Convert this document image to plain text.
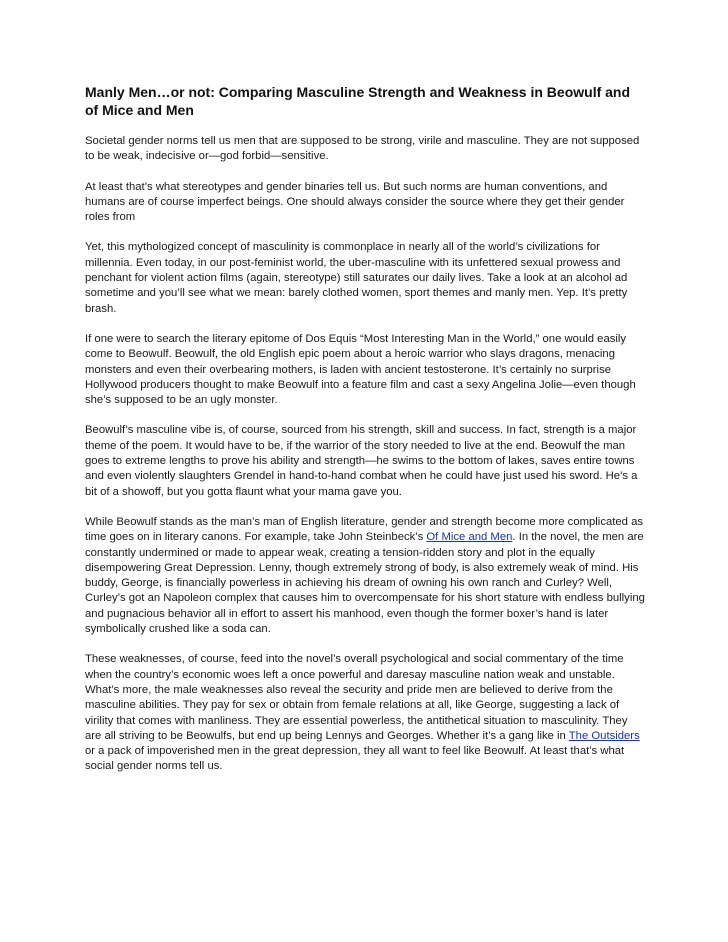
Manly Men…or not: Comparing Masculine Strength and Weakness in Beowulf and of Mice and Men

Societal gender norms tell us men that are supposed to be strong, virile and masculine. They are not supposed to be weak, indecisive or—god forbid—sensitive.

At least that’s what stereotypes and gender binaries tell us. But such norms are human conventions, and humans are of course imperfect beings. One should always consider the source where they get their gender roles from

Yet, this mythologized concept of masculinity is commonplace in nearly all of the world’s civilizations for millennia. Even today, in our post-feminist world, the uber-masculine with its unfettered sexual prowess and penchant for violent action films (again, stereotype) still saturates our daily lives. Take a look at an alcohol ad sometime and you’ll see what we mean: barely clothed women, sport themes and manly men. Yep. It’s pretty brash.

If one were to search the literary epitome of Dos Equis “Most Interesting Man in the World,” one would easily come to Beowulf. Beowulf, the old English epic poem about a heroic warrior who slays dragons, menacing monsters and even their overbearing mothers, is laden with ancient testosterone. It’s certainly no surprise Hollywood producers thought to make Beowulf into a feature film and cast a sexy Angelina Jolie—even though she’s supposed to be an ugly monster.

Beowulf’s masculine vibe is, of course, sourced from his strength, skill and success. In fact, strength is a major theme of the poem. It would have to be, if the warrior of the story needed to live at the end. Beowulf the man goes to extreme lengths to prove his ability and strength—he swims to the bottom of lakes, saves entire towns and even violently slaughters Grendel in hand-to-hand combat when he could have just used his sword. He’s a bit of a showoff, but you gotta flaunt what your mama gave you.

While Beowulf stands as the man’s man of English literature, gender and strength become more complicated as time goes on in literary canons. For example, take John Steinbeck’s Of Mice and Men. In the novel, the men are constantly undermined or made to appear weak, creating a tension-ridden story and plot in the equally disempowering Great Depression. Lenny, though extremely strong of body, is also extremely weak of mind. His buddy, George, is financially powerless in achieving his dream of owning his own ranch and Curley? Well, Curley’s got an Napoleon complex that causes him to overcompensate for his short stature with endless bullying and pugnacious behavior all in effort to assert his manhood, even though the former boxer’s hand is later symbolically crushed like a soda can.

These weaknesses, of course, feed into the novel’s overall psychological and social commentary of the time when the country’s economic woes left a once powerful and daresay masculine nation weak and unstable. What’s more, the male weaknesses also reveal the security and pride men are believed to derive from the masculine abilities. They pay for sex or obtain from female relations at all, like George, suggesting a lack of virility that comes with manliness. They are essential powerless, the antithetical situation to masculinity. They are all striving to be Beowulfs, but end up being Lennys and Georges. Whether it’s a gang like in The Outsiders or a pack of impoverished men in the great depression, they all want to feel like Beowulf. At least that’s what social gender norms tell us.
